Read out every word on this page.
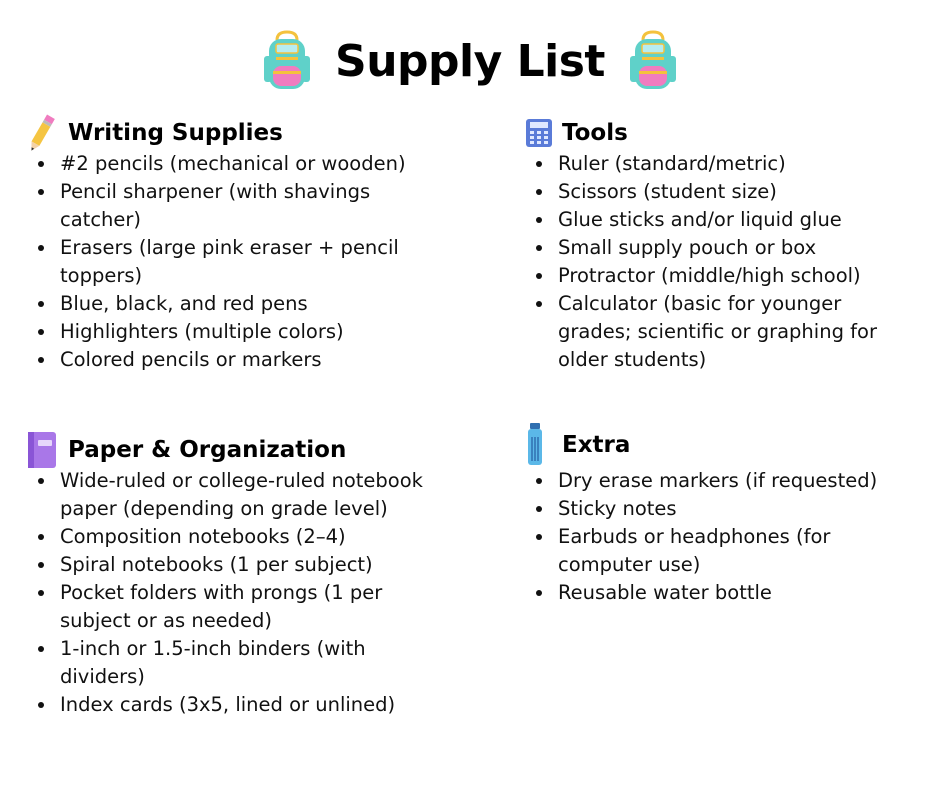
Supply List
Writing Supplies
#2 pencils (mechanical or wooden)
Pencil sharpener (with shavings catcher)
Erasers (large pink eraser + pencil toppers)
Blue, black, and red pens
Highlighters (multiple colors)
Colored pencils or markers
Paper & Organization
Wide-ruled or college-ruled notebook paper (depending on grade level)
Composition notebooks (2–4)
Spiral notebooks (1 per subject)
Pocket folders with prongs (1 per subject or as needed)
1-inch or 1.5-inch binders (with dividers)
Index cards (3x5, lined or unlined)
Tools
Ruler (standard/metric)
Scissors (student size)
Glue sticks and/or liquid glue
Small supply pouch or box
Protractor (middle/high school)
Calculator (basic for younger grades; scientific or graphing for older students)
Extra
Dry erase markers (if requested)
Sticky notes
Earbuds or headphones (for computer use)
Reusable water bottle
